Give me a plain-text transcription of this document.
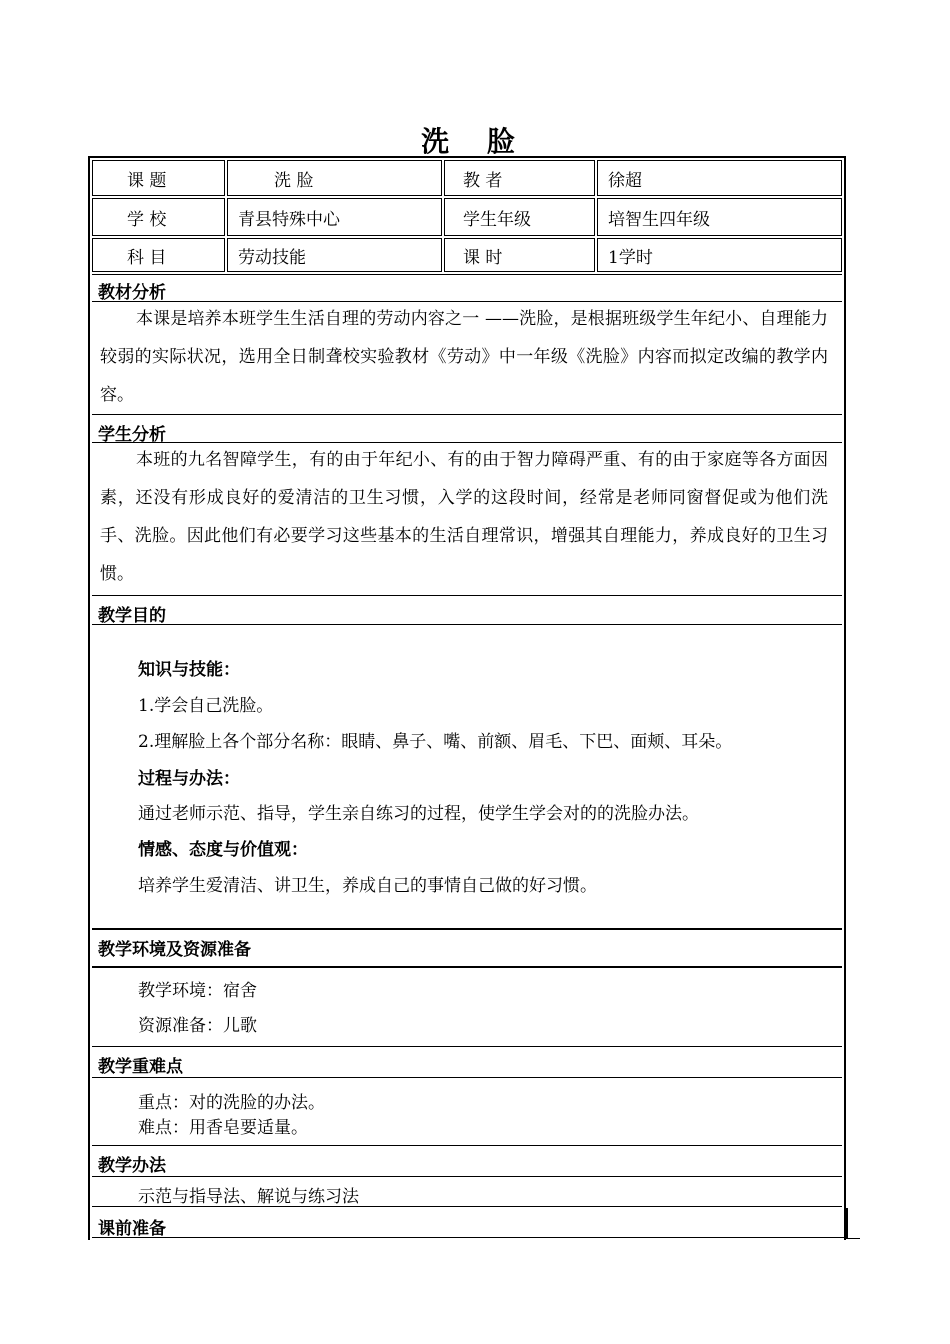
洗 脸
课 题	洗 脸	教 者	徐超
学 校	青县特殊中心	学生年级	培智生四年级
科 目	劳动技能	课 时	1学时
教材分析
本课是培养本班学生生活自理的劳动内容之一 ——洗脸，是根据班级学生年纪小、自理能力较弱的实际状况，选用全日制聋校实验教材《劳动》中一年级《洗脸》内容而拟定改编的教学内容。
学生分析
本班的九名智障学生，有的由于年纪小、有的由于智力障碍严重、有的由于家庭等各方面因素，还没有形成良好的爱清洁的卫生习惯，入学的这段时间，经常是老师同窗督促或为他们洗手、洗脸。因此他们有必要学习这些基本的生活自理常识，增强其自理能力，养成良好的卫生习惯。
教学目的
知识与技能：
1.学会自己洗脸。
2.理解脸上各个部分名称：眼睛、鼻子、嘴、前额、眉毛、下巴、面颊、耳朵。
过程与办法：
通过老师示范、指导，学生亲自练习的过程，使学生学会对的的洗脸办法。
情感、态度与价值观：
培养学生爱清洁、讲卫生，养成自己的事情自己做的好习惯。
教学环境及资源准备
教学环境：宿舍
资源准备：儿歌
教学重难点
重点：对的洗脸的办法。
难点：用香皂要适量。
教学办法
示范与指导法、解说与练习法
课前准备
